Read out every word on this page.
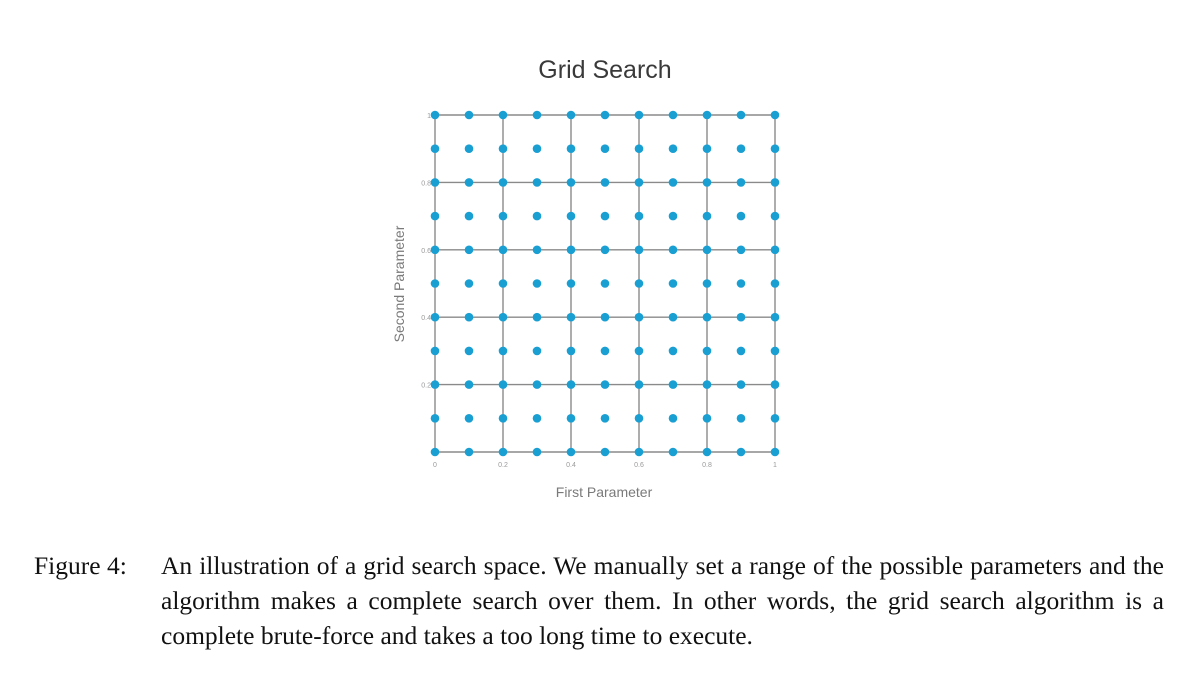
Grid Search
0	0.2	0.4	0.6	0.8	1
0.2
0.4
0.6
0.8
1
First Parameter
Second Parameter
Figure 4: An illustration of a grid search space. We manually set a range of the possible parameters and the algorithm makes a complete search over them. In other words, the grid search algorithm is a complete brute-force and takes a too long time to execute.
